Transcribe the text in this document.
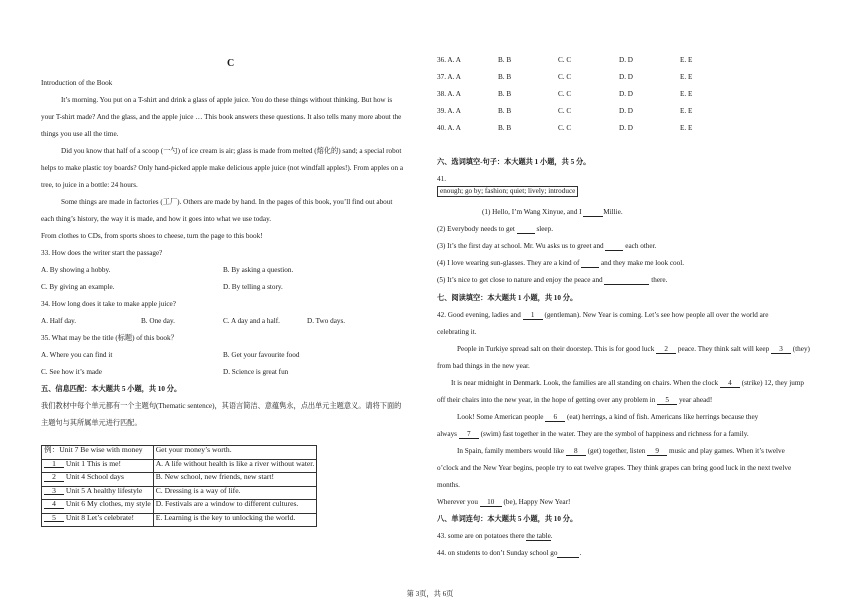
C
Introduction of the Book
It’s morning. You put on a T-shirt and drink a glass of apple juice. You do these things without thinking. But how is
your T-shirt made? And the glass, and the apple juice … This book answers these questions. It also tells many more about the
things you use all the time.
Did you know that half of a scoop (一勺) of ice cream is air; glass is made from melted (熔化的) sand; a special robot
helps to make plastic toy boards? Only hand-picked apple make delicious apple juice (not windfall apples!). From apples on a
tree, to juice in a bottle: 24 hours.
Some things are made in factories (工厂). Others are made by hand. In the pages of this book, you’ll find out about
each thing’s history, the way it is made, and how it goes into what we use today.
From clothes to CDs, from sports shoes to cheese, turn the page to this book!
33. How does the writer start the passage?
A. By showing a hobby.	B. By asking a question.
C. By giving an example.	D. By telling a story.
34. How long does it take to make apple juice?
A. Half day.	B. One day.	C. A day and a half.	D. Two days.
35. What may be the title (标题) of this book？
A. Where you can find it	B. Get your favourite food
C. See how it’s made	D. Science is great fun
五、信息匹配：本大题共 5 小题，共 10 分。
我们教材中每个单元都有一个主题句(Thematic sentence)，其语言简洁、意蕴隽永，点出单元主题意义。请将下面的
主题句与其所属单元进行匹配。
例：Unit 7 Be wise with money	Get your money’s worth.
1 Unit 1 This is me!	A. A life without health is like a river without water.
2 Unit 4 School days	B. New school, new friends, new start!
3 Unit 5 A healthy lifestyle	C. Dressing is a way of life.
4 Unit 6 My clothes, my style	D. Festivals are a window to different cultures.
5 Unit 8 Let’s celebrate!	E. Learning is the key to unlocking the world.
36. A. A	B. B	C. C	D. D	E. E
37. A. A	B. B	C. C	D. D	E. E
38. A. A	B. B	C. C	D. D	E. E
39. A. A	B. B	C. C	D. D	E. E
40. A. A	B. B	C. C	D. D	E. E
六、选词填空-句子：本大题共 1 小题，共 5 分。
41.
enough; go by; fashion; quiet; lively; introduce
(1) Hello, I’m Wang Xinyue, and I	Millie.
(2) Everybody needs to get	sleep.
(3) It’s the first day at school. Mr. Wu asks us to greet and	each other.
(4) I love wearing sun-glasses. They are a kind of	and they make me look cool.
(5) It’s nice to get close to nature and enjoy the peace and	there.
七、阅读填空：本大题共 1 小题，共 10 分。
42. Good evening, ladies and 1 (gentleman). New Year is coming. Let’s see how people all over the world are
celebrating it.
People in Turkiye spread salt on their doorstep. This is for good luck 2 peace. They think salt will keep 3 (they)
from bad things in the new year.
It is near midnight in Denmark. Look, the families are all standing on chairs. When the clock 4 (strike) 12, they jump
off their chairs into the new year, in the hope of getting over any problem in 5 year ahead!
Look! Some American people 6 (eat) herrings, a kind of fish. Americans like herrings because they
always 7 (swim) fast together in the water. They are the symbol of happiness and richness for a family.
In Spain, family members would like 8 (get) together, listen 9 music and play games. When it’s twelve
o’clock and the New Year begins, people try to eat twelve grapes. They think grapes can bring good luck in the next twelve
months.
Wherever you 10 (be), Happy New Year!
八、单词连句：本大题共 5 小题，共 10 分。
43. some are on potatoes there the table.
44. on students to don’t Sunday school go	.
第 3页，共 6页
